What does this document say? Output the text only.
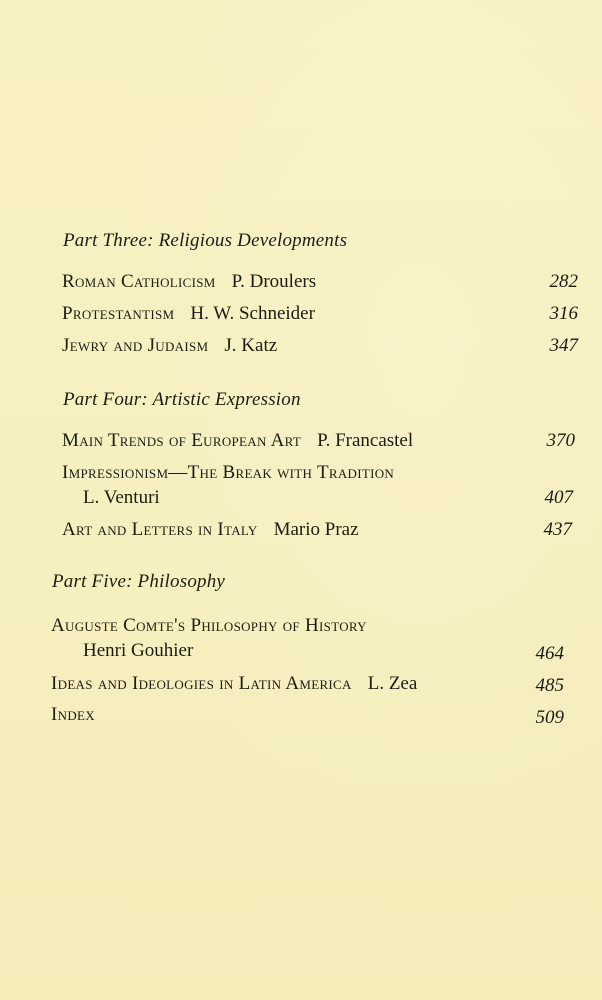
Part Three: Religious Developments
Roman Catholicism P. Droulers	282
Protestantism H. W. Schneider	316
Jewry and Judaism J. Katz	347
Part Four: Artistic Expression
Main Trends of European Art P. Francastel	370
Impressionism—The Break with Tradition
L. Venturi	407
Art and Letters in Italy Mario Praz	437
Part Five: Philosophy
Auguste Comte's Philosophy of History
Henri Gouhier	464
Ideas and Ideologies in Latin America L. Zea	485
Index	509
